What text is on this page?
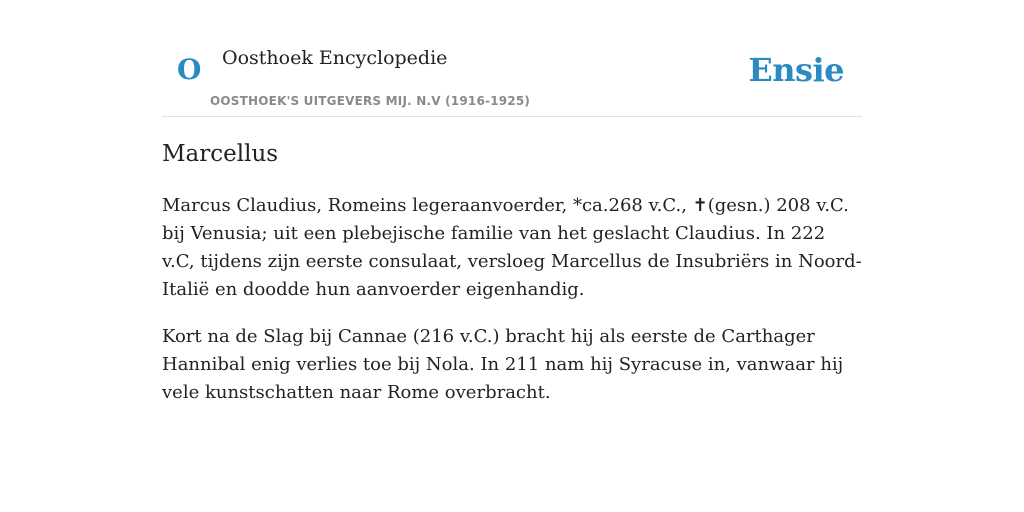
O Oosthoek Encyclopedie
OOSTHOEK'S UITGEVERS MIJ. N.V (1916-1925)
Ensie
Marcellus

Marcus Claudius, Romeins legeraanvoerder, *ca.268 v.C., ✝(gesn.) 208 v.C. bij Venusia; uit een plebejische familie van het geslacht Claudius. In 222 v.C, tijdens zijn eerste consulaat, versloeg Marcellus de Insubriërs in Noord-Italië en doodde hun aanvoerder eigenhandig.

Kort na de Slag bij Cannae (216 v.C.) bracht hij als eerste de Carthager Hannibal enig verlies toe bij Nola. In 211 nam hij Syracuse in, vanwaar hij vele kunstschatten naar Rome overbracht.
